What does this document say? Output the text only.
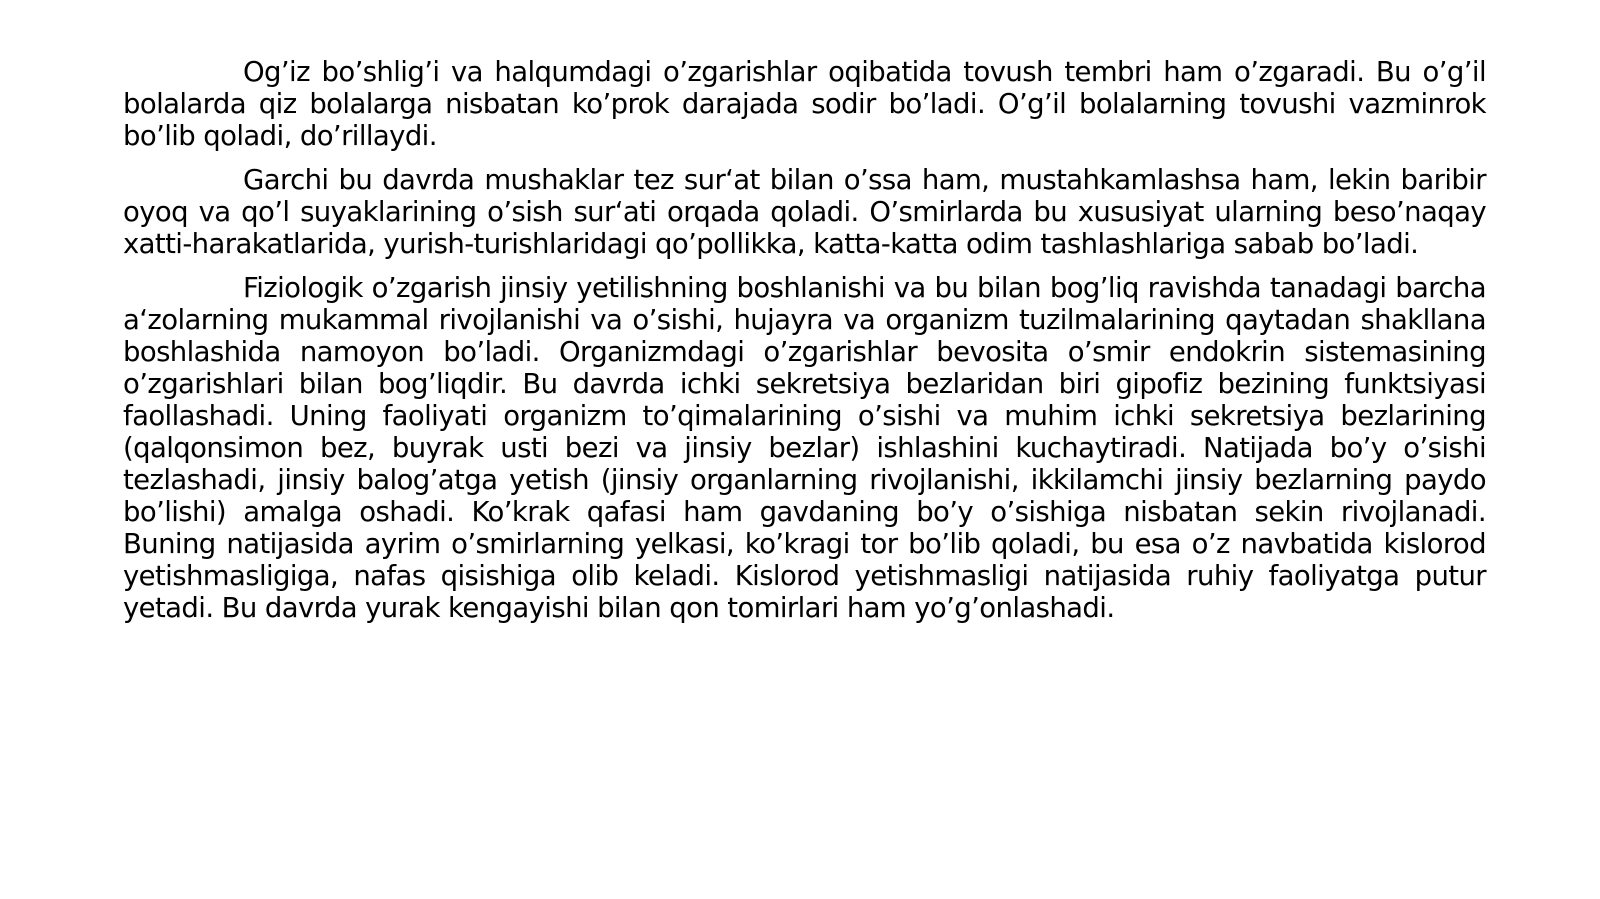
Og’iz bo’shlig’i va halqumdagi o’zgarishlar oqibatida tovush tembri ham o’zgaradi. Bu o’g’il bolalarda qiz bolalarga nisbatan ko’prok darajada sodir bo’ladi. O’g’il bolalarning tovushi vazminrok bo’lib qoladi, do’rillaydi.

Garchi bu davrda mushaklar tez sur‘at bilan o’ssa ham, mustahkamlashsa ham, lekin baribir oyoq va qo’l suyaklarining o’sish sur‘ati orqada qoladi. O’smirlarda bu xususiyat ularning beso’naqay xatti-harakatlarida, yurish-turishlaridagi qo’pollikka, katta-katta odim tashlashlariga sabab bo’ladi.

Fiziologik o’zgarish jinsiy yetilishning boshlanishi va bu bilan bog’liq ravishda tanadagi barcha a‘zolarning mukammal rivojlanishi va o’sishi, hujayra va organizm tuzilmalarining qaytadan shakllana boshlashida namoyon bo’ladi. Organizmdagi o’zgarishlar bevosita o’smir endokrin sistemasining o’zgarishlari bilan bog’liqdir. Bu davrda ichki sekretsiya bezlaridan biri gipofiz bezining funktsiyasi faollashadi. Uning faoliyati organizm to’qimalarining o’sishi va muhim ichki sekretsiya bezlarining (qalqonsimon bez, buyrak usti bezi va jinsiy bezlar) ishlashini kuchaytiradi. Natijada bo’y o’sishi tezlashadi, jinsiy balog’atga yetish (jinsiy organlarning rivojlanishi, ikkilamchi jinsiy bezlarning paydo bo’lishi) amalga oshadi. Ko’krak qafasi ham gavdaning bo’y o’sishiga nisbatan sekin rivojlanadi. Buning natijasida ayrim o’smirlarning yelkasi, ko’kragi tor bo’lib qoladi, bu esa o’z navbatida kislorod yetishmasligiga, nafas qisishiga olib keladi. Kislorod yetishmasligi natijasida ruhiy faoliyatga putur yetadi. Bu davrda yurak kengayishi bilan qon tomirlari ham yo’g’onlashadi.
